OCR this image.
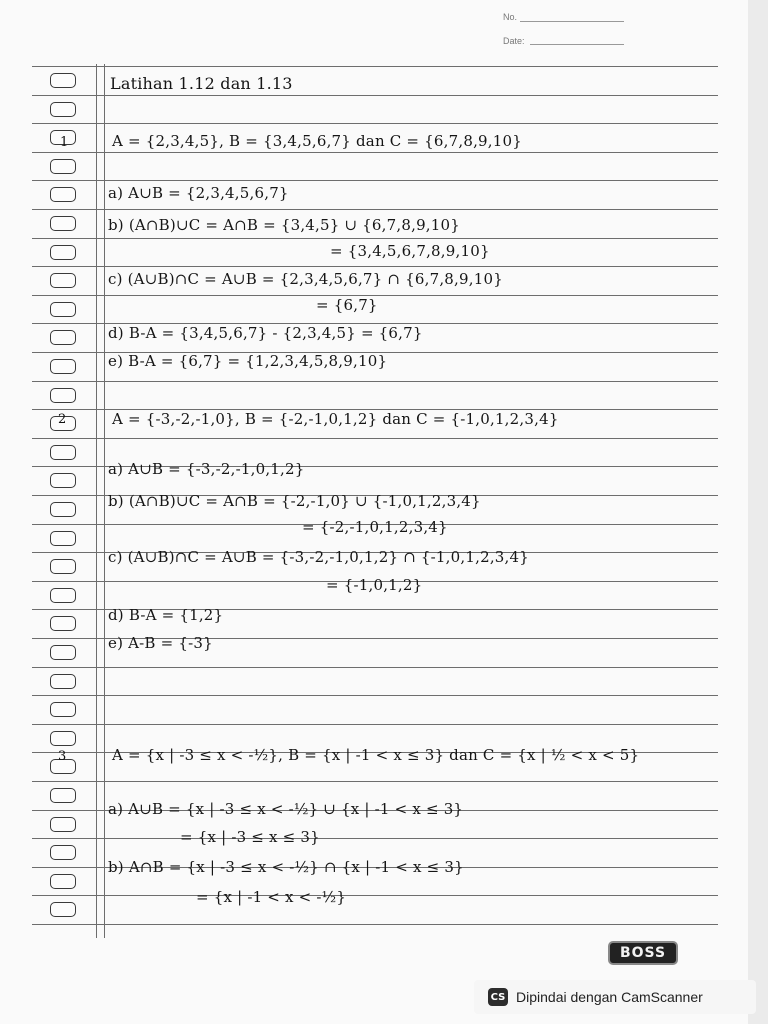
No.
Date:
1
2
3
Latihan 1.12 dan 1.13
A = {2,3,4,5}, B = {3,4,5,6,7} dan C = {6,7,8,9,10}
a) A∪B = {2,3,4,5,6,7}
b) (A∩B)∪C = A∩B = {3,4,5} ∪ {6,7,8,9,10}
= {3,4,5,6,7,8,9,10}
c) (A∪B)∩C = A∪B = {2,3,4,5,6,7} ∩ {6,7,8,9,10}
= {6,7}
d) B-A = {3,4,5,6,7} - {2,3,4,5} = {6,7}
e) B-A = {6,7} = {1,2,3,4,5,8,9,10}
A = {-3,-2,-1,0}, B = {-2,-1,0,1,2} dan C = {-1,0,1,2,3,4}
a) A∪B = {-3,-2,-1,0,1,2}
b) (A∩B)∪C = A∩B = {-2,-1,0} ∪ {-1,0,1,2,3,4}
= {-2,-1,0,1,2,3,4}
c) (A∪B)∩C = A∪B = {-3,-2,-1,0,1,2} ∩ {-1,0,1,2,3,4}
= {-1,0,1,2}
d) B-A = {1,2}
e) A-B = {-3}
A = {x | -3 ≤ x < -½}, B = {x | -1 < x ≤ 3} dan C = {x | ½ < x < 5}
a) A∪B = {x | -3 ≤ x < -½} ∪ {x | -1 < x ≤ 3}
= {x | -3 ≤ x ≤ 3}
b) A∩B = {x | -3 ≤ x < -½} ∩ {x | -1 < x ≤ 3}
= {x | -1 < x < -½}
BOSS
CS Dipindai dengan CamScanner
